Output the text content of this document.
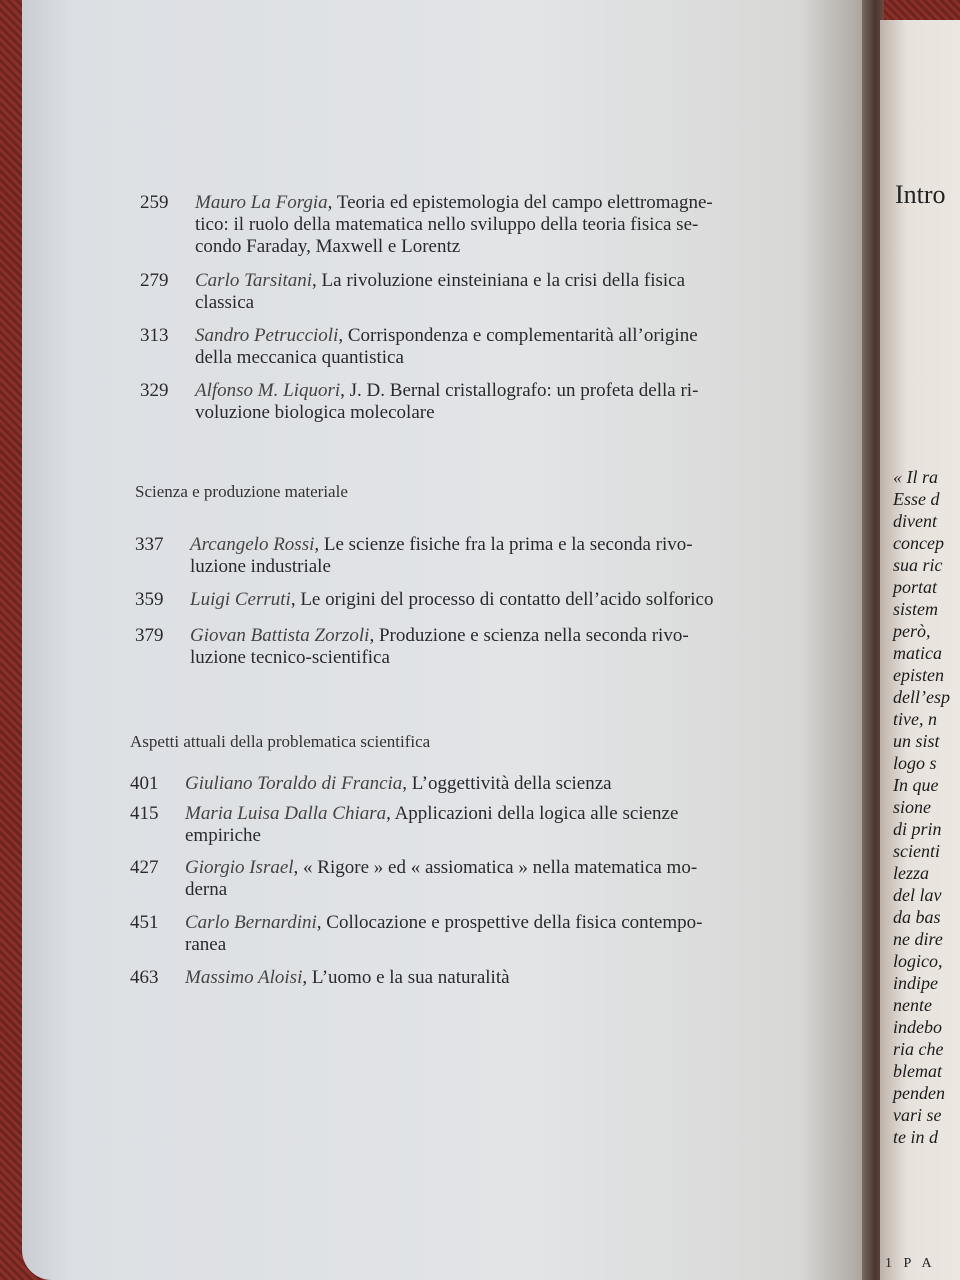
259 Mauro La Forgia, Teoria ed epistemologia del campo elettromagne-
tico: il ruolo della matematica nello sviluppo della teoria fisica se-
condo Faraday, Maxwell e Lorentz
279 Carlo Tarsitani, La rivoluzione einsteiniana e la crisi della fisica
classica
313 Sandro Petruccioli, Corrispondenza e complementarità all’origine
della meccanica quantistica
329 Alfonso M. Liquori, J. D. Bernal cristallografo: un profeta della ri-
voluzione biologica molecolare
Scienza e produzione materiale
337 Arcangelo Rossi, Le scienze fisiche fra la prima e la seconda rivo-
luzione industriale
359 Luigi Cerruti, Le origini del processo di contatto dell’acido solforico
379 Giovan Battista Zorzoli, Produzione e scienza nella seconda rivo-
luzione tecnico-scientifica
Aspetti attuali della problematica scientifica
401 Giuliano Toraldo di Francia, L’oggettività della scienza
415 Maria Luisa Dalla Chiara, Applicazioni della logica alle scienze
empiriche
427 Giorgio Israel, « Rigore » ed « assiomatica » nella matematica mo-
derna
451 Carlo Bernardini, Collocazione e prospettive della fisica contempo-
ranea
463 Massimo Aloisi, L’uomo e la sua naturalità
Intro
« Il ra
Esse d
divent
concep
sua ric
portat
sistem
però,
matica
episten
dell’esp
tive, n
un sist
logo s
In que
sione
di prin
scienti
lezza
del lav
da bas
ne dire
logico,
indipe
nente
indebo
ria che
blemat
penden
vari se
te in d
1 P A
